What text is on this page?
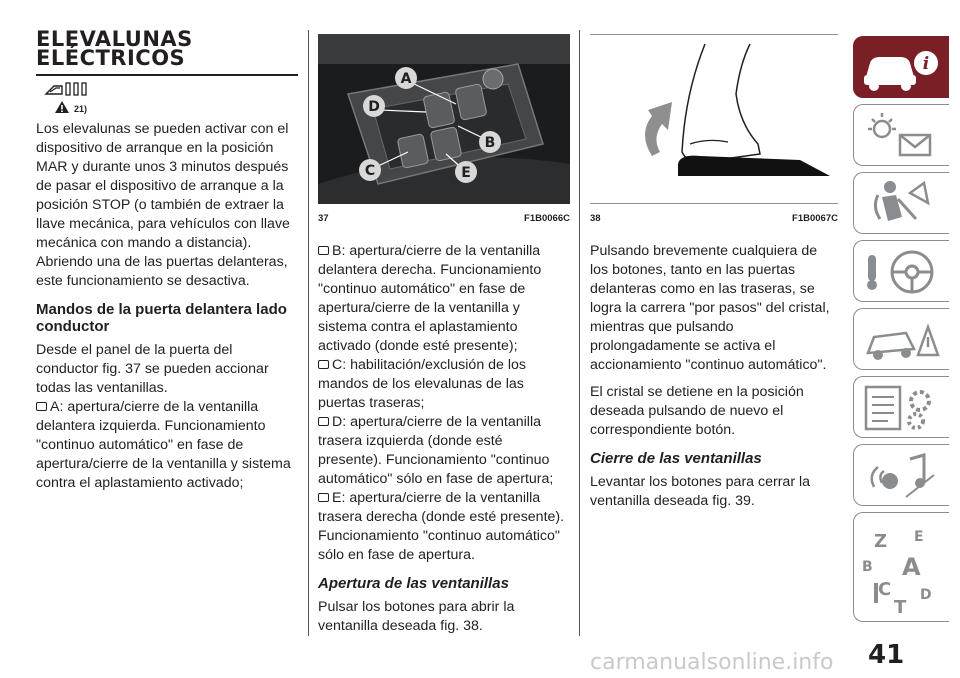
ELEVALUNAS
ELÉCTRICOS
21)

Los elevalunas se pueden activar con el dispositivo de arranque en la posición MAR y durante unos 3 minutos después de pasar el dispositivo de arranque a la posición STOP (o también de extraer la llave mecánica, para vehículos con llave mecánica con mando a distancia). Abriendo una de las puertas delanteras, este funcionamiento se desactiva.

Mandos de la puerta delantera lado conductor

Desde el panel de la puerta del conductor fig. 37 se pueden accionar todas las ventanillas.

A: apertura/cierre de la ventanilla delantera izquierda. Funcionamiento "continuo automático" en fase de apertura/cierre de la ventanilla y sistema contra el aplastamiento activado;

A
D
B
C	E
37	F1B0066C

B: apertura/cierre de la ventanilla delantera derecha. Funcionamiento "continuo automático" en fase de apertura/cierre de la ventanilla y sistema contra el aplastamiento activado (donde esté presente);

C: habilitación/exclusión de los mandos de los elevalunas de las puertas traseras;

D: apertura/cierre de la ventanilla trasera izquierda (donde esté presente). Funcionamiento "continuo automático" sólo en fase de apertura;

E: apertura/cierre de la ventanilla trasera derecha (donde esté presente). Funcionamiento "continuo automático" sólo en fase de apertura.

Apertura de las ventanillas

Pulsar los botones para abrir la ventanilla deseada fig. 38.

38	F1B0067C

Pulsando brevemente cualquiera de los botones, tanto en las puertas delanteras como en las traseras, se logra la carrera "por pasos" del cristal, mientras que pulsando prolongadamente se activa el accionamiento "continuo automático".

El cristal se detiene en la posición deseada pulsando de nuevo el correspondiente botón.

Cierre de las ventanillas

Levantar los botones para cerrar la ventanilla deseada fig. 39.

i
Z E
B A
C
T
D
41
carmanualsonline.info
